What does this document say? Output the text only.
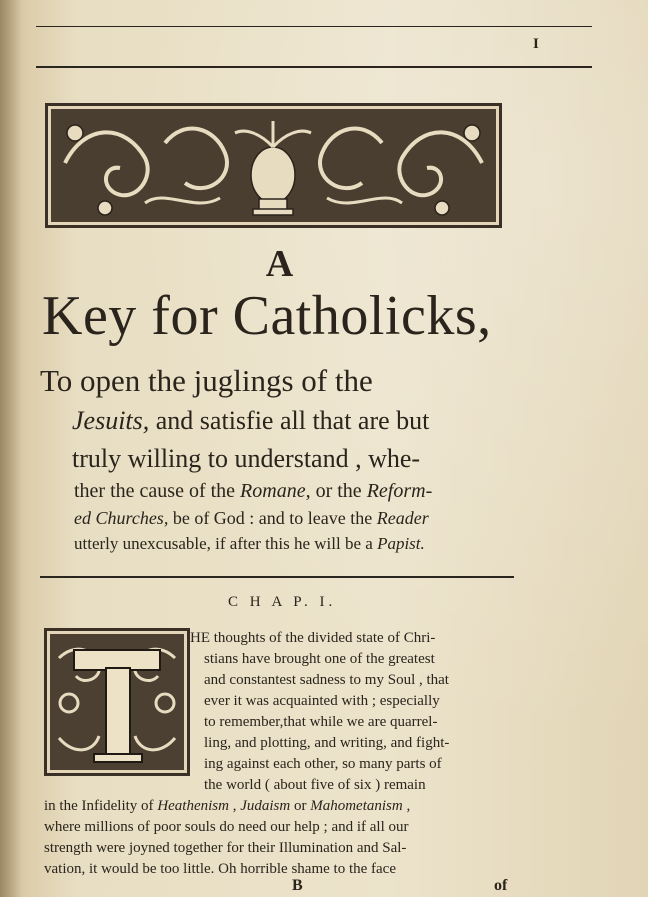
I
A
Key for Catholicks,
To open the juglings of the
Jesuits, and satisfie all that are but
truly willing to understand , whe-
ther the cause of the Romane, or the Reform-
ed Churches, be of God : and to leave the Reader
utterly unexcusable, if after this he will be a Papist.
C H A P. I.
HE thoughts of the divided state of Chri-
stians have brought one of the greatest
and constantest sadness to my Soul , that
ever it was acquainted with ; especially
to remember,that while we are quarrel-
ling, and plotting, and writing, and fight-
ing against each other, so many parts of
the world ( about five of six ) remain
in the Infidelity of Heathenism , Judaism or Mahometanism ,
where millions of poor souls do need our help ; and if all our
strength were joyned together for their Illumination and Sal-
vation, it would be too little. Oh horrible shame to the face
B	of
